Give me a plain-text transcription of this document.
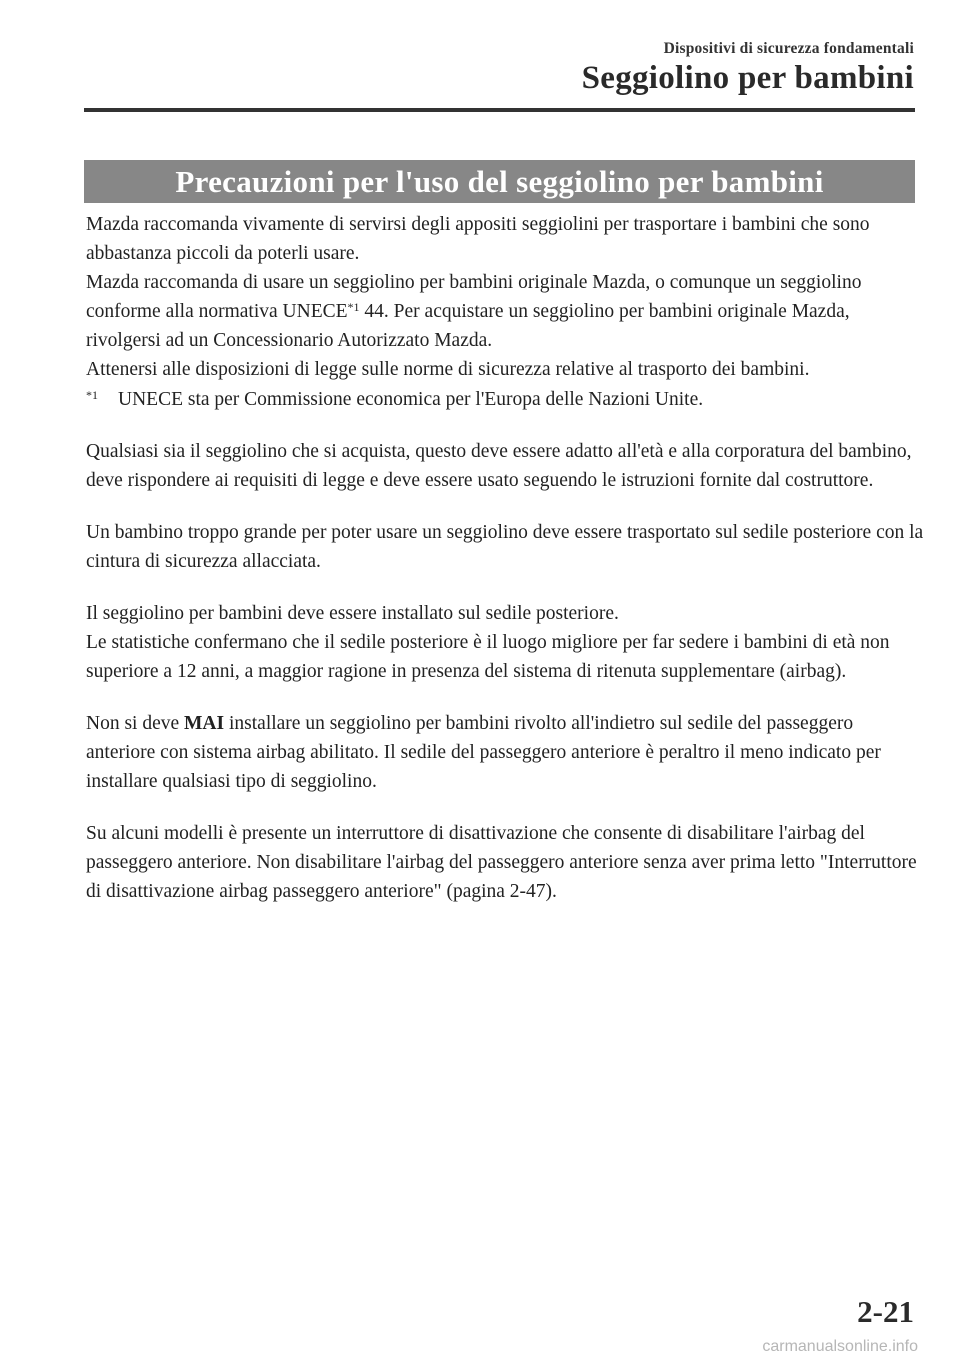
Dispositivi di sicurezza fondamentali
Seggiolino per bambini
Precauzioni per l'uso del seggiolino per bambini

Mazda raccomanda vivamente di servirsi degli appositi seggiolini per trasportare i bambini che sono abbastanza piccoli da poterli usare.

Mazda raccomanda di usare un seggiolino per bambini originale Mazda, o comunque un seggiolino conforme alla normativa UNECE$^{*1}$ 44. Per acquistare un seggiolino per bambini originale Mazda, rivolgersi ad un Concessionario Autorizzato Mazda.

Attenersi alle disposizioni di legge sulle norme di sicurezza relative al trasporto dei bambini.

$^{*1}$ UNECE sta per Commissione economica per l'Europa delle Nazioni Unite.

Qualsiasi sia il seggiolino che si acquista, questo deve essere adatto all'età e alla corporatura del bambino, deve rispondere ai requisiti di legge e deve essere usato seguendo le istruzioni fornite dal costruttore.

Un bambino troppo grande per poter usare un seggiolino deve essere trasportato sul sedile posteriore con la cintura di sicurezza allacciata.

Il seggiolino per bambini deve essere installato sul sedile posteriore.

Le statistiche confermano che il sedile posteriore è il luogo migliore per far sedere i bambini di età non superiore a 12 anni, a maggior ragione in presenza del sistema di ritenuta supplementare (airbag).

Non si deve MAI installare un seggiolino per bambini rivolto all'indietro sul sedile del passeggero anteriore con sistema airbag abilitato. Il sedile del passeggero anteriore è peraltro il meno indicato per installare qualsiasi tipo di seggiolino.

Su alcuni modelli è presente un interruttore di disattivazione che consente di disabilitare l'airbag del passeggero anteriore. Non disabilitare l'airbag del passeggero anteriore senza aver prima letto "Interruttore di disattivazione airbag passeggero anteriore" (pagina 2-47).

2-21
carmanualsonline.info
